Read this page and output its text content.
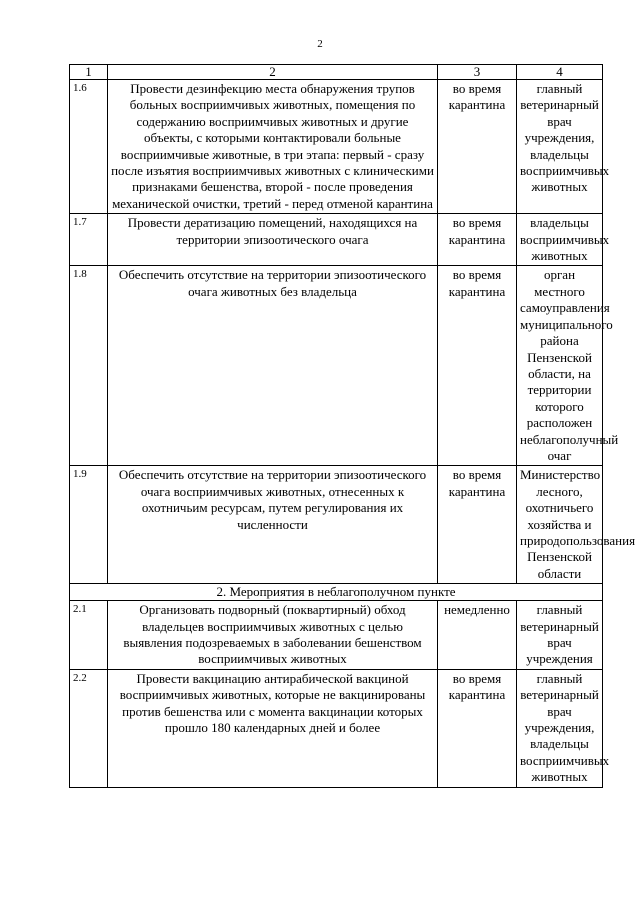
2
1	2	3	4
1.6	Провести дезинфекцию места обнаружения трупов больных восприимчивых животных, помещения по содержанию восприимчивых животных и другие объекты, с которыми контактировали больные восприимчивые животные, в три этапа: первый - сразу после изъятия восприимчивых животных с клиническими признаками бешенства, второй - после проведения механической очистки, третий - перед отменой карантина	во время карантина	главный ветеринарный врач учреждения, владельцы восприимчивых животных
1.7	Провести дератизацию помещений, находящихся на территории эпизоотического очага	во время карантина	владельцы восприимчивых животных
1.8	Обеспечить отсутствие на территории эпизоотического очага животных без владельца	во время карантина	орган местного самоуправления муниципального района Пензенской области, на территории которого расположен неблагополучный очаг
1.9	Обеспечить отсутствие на территории эпизоотического очага восприимчивых животных, отнесенных к охотничьим ресурсам, путем регулирования их численности	во время карантина	Министерство лесного, охотничьего хозяйства и природопользования Пензенской области
2. Мероприятия в неблагополучном пункте			
2.1	Организовать подворный (поквартирный) обход владельцев восприимчивых животных с целью выявления подозреваемых в заболевании бешенством восприимчивых животных	немедленно	главный ветеринарный врач учреждения
2.2	Провести вакцинацию антирабической вакциной восприимчивых животных, которые не вакцинированы против бешенства или с момента вакцинации которых прошло 180 календарных дней и более	во время карантина	главный ветеринарный врач учреждения, владельцы восприимчивых животных
